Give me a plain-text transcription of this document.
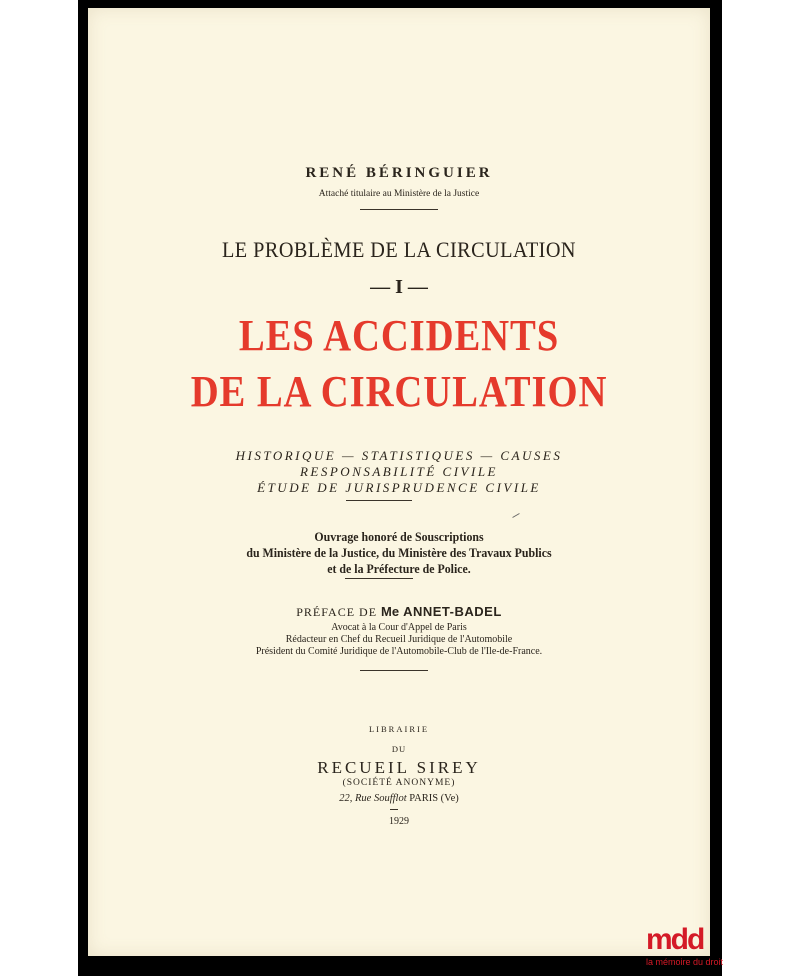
RENÉ BÉRINGUIER
Attaché titulaire au Ministère de la Justice
LE PROBLÈME DE LA CIRCULATION
— I —
LES ACCIDENTS
DE LA CIRCULATION
HISTORIQUE — STATISTIQUES — CAUSES
RESPONSABILITÉ CIVILE
ÉTUDE DE JURISPRUDENCE CIVILE
Ouvrage honoré de Souscriptions
du Ministère de la Justice, du Ministère des Travaux Publics
et de la Préfecture de Police.
PRÉFACE DE Me ANNET-BADEL
Avocat à la Cour d'Appel de Paris
Rédacteur en Chef du Recueil Juridique de l'Automobile
Président du Comité Juridique de l'Automobile-Club de l'Ile-de-France.
LIBRAIRIE
DU
RECUEIL SIREY
(SOCIÉTÉ ANONYME)
22, Rue Soufflot PARIS (Ve)
1929
mdd
la mémoire du droit
